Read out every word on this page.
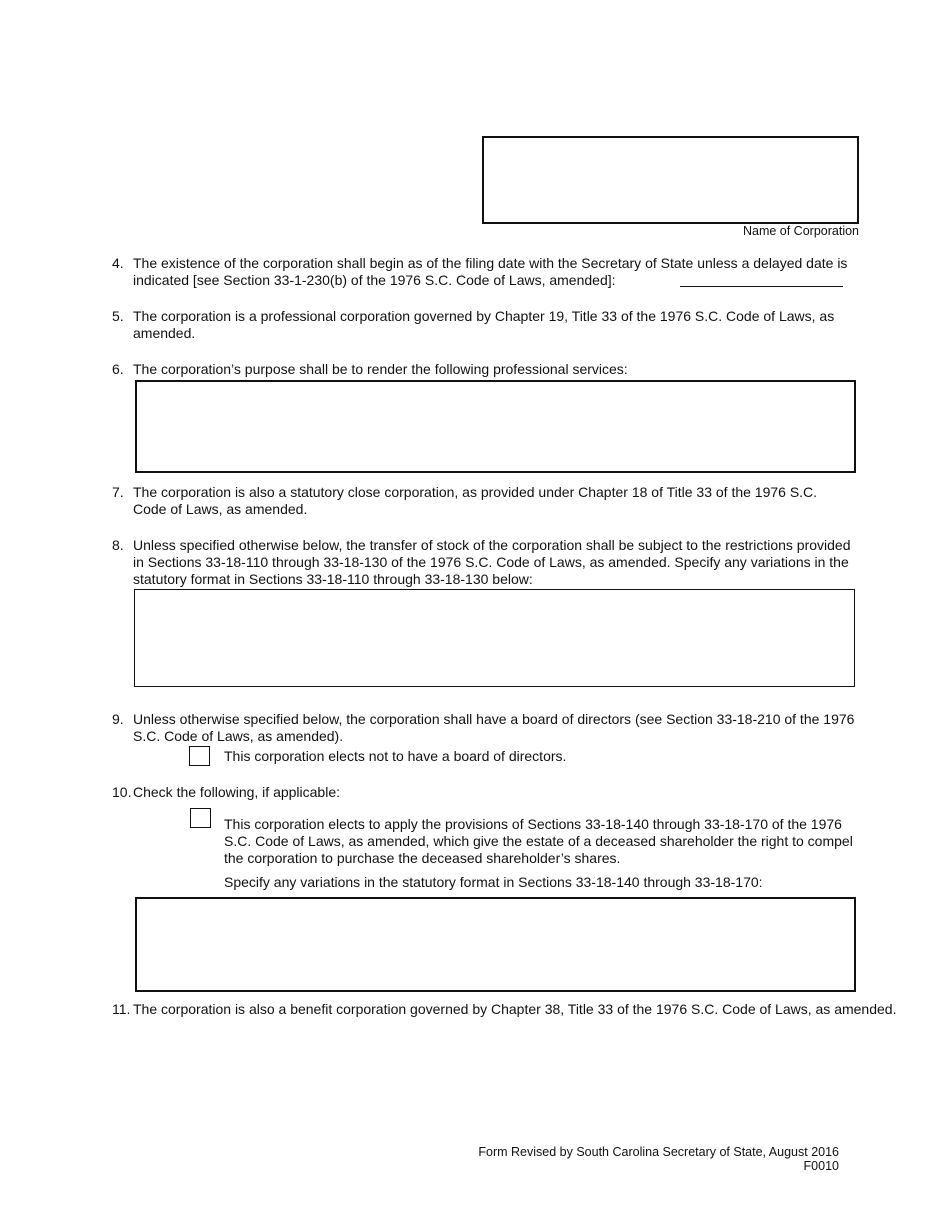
Name of Corporation
4. The existence of the corporation shall begin as of the filing date with the Secretary of State unless a delayed date is indicated [see Section 33-1-230(b) of the 1976 S.C. Code of Laws, amended]:
5. The corporation is a professional corporation governed by Chapter 19, Title 33 of the 1976 S.C. Code of Laws, as amended.
6. The corporation’s purpose shall be to render the following professional services:
7. The corporation is also a statutory close corporation, as provided under Chapter 18 of Title 33 of the 1976 S.C. Code of Laws, as amended.
8. Unless specified otherwise below, the transfer of stock of the corporation shall be subject to the restrictions provided in Sections 33-18-110 through 33-18-130 of the 1976 S.C. Code of Laws, as amended. Specify any variations in the statutory format in Sections 33-18-110 through 33-18-130 below:
9. Unless otherwise specified below, the corporation shall have a board of directors (see Section 33-18-210 of the 1976 S.C. Code of Laws, as amended).
This corporation elects not to have a board of directors.
10. Check the following, if applicable:
This corporation elects to apply the provisions of Sections 33-18-140 through 33-18-170 of the 1976 S.C. Code of Laws, as amended, which give the estate of a deceased shareholder the right to compel the corporation to purchase the deceased shareholder’s shares.
Specify any variations in the statutory format in Sections 33-18-140 through 33-18-170:
11. The corporation is also a benefit corporation governed by Chapter 38, Title 33 of the 1976 S.C. Code of Laws, as amended.
Form Revised by South Carolina Secretary of State, August 2016
F0010
